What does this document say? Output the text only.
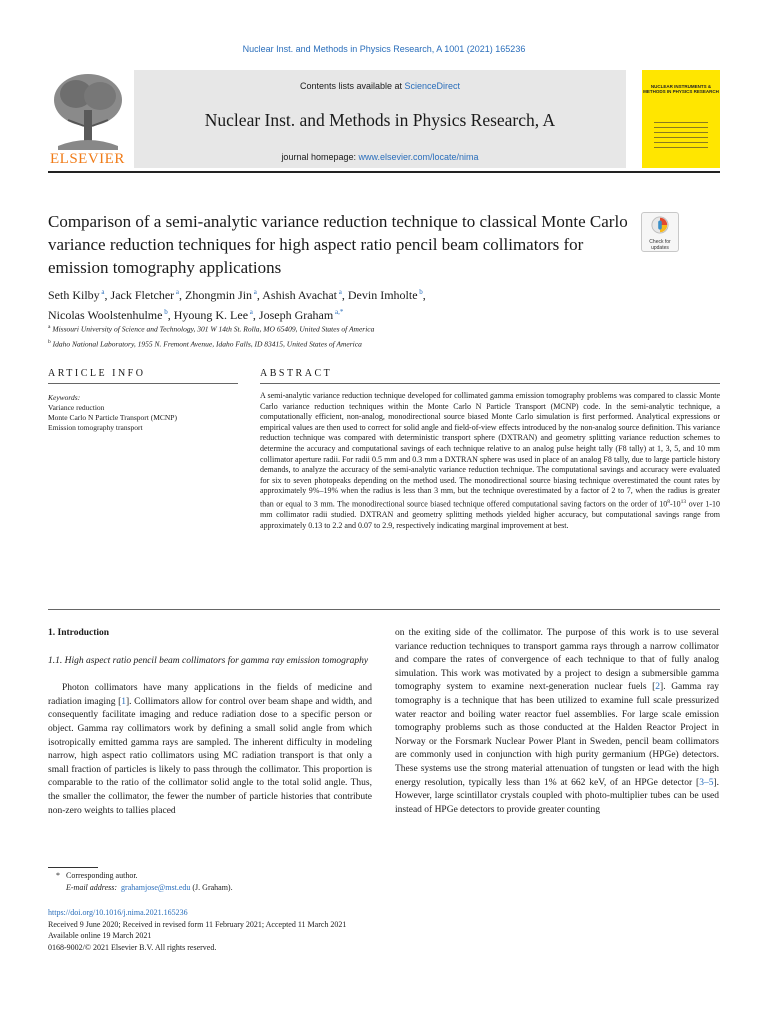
Nuclear Inst. and Methods in Physics Research, A 1001 (2021) 165236
ELSEVIER
Contents lists available at ScienceDirect
Nuclear Inst. and Methods in Physics Research, A
journal homepage: www.elsevier.com/locate/nima
NUCLEAR INSTRUMENTS & METHODS IN PHYSICS RESEARCH
Comparison of a semi-analytic variance reduction technique to classical Monte Carlo variance reduction techniques for high aspect ratio pencil beam collimators for emission tomography applications
Check for updates
Seth Kilby $^a$, Jack Fletcher $^a$, Zhongmin Jin $^a$, Ashish Avachat $^a$, Devin Imholte $^b$,
Nicolas Woolstenhulme $^b$, Hyoung K. Lee $^a$, Joseph Graham $^{a,*}$
$^a$ Missouri University of Science and Technology, 301 W 14th St. Rolla, MO 65409, United States of America
$^b$ Idaho National Laboratory, 1955 N. Fremont Avenue, Idaho Falls, ID 83415, United States of America
ARTICLE INFO	ABSTRACT
Keywords:
Variance reduction
Monte Carlo N Particle Transport (MCNP)
Emission tomography transport
A semi-analytic variance reduction technique developed for collimated gamma emission tomography problems was compared to classic Monte Carlo variance reduction techniques within the Monte Carlo N Particle Transport (MCNP) code. In the semi-analytic technique, a computationally efficient, non-analog, monodirectional source biased Monte Carlo simulation is first performed. Analytical expressions or empirical values are then used to correct for solid angle and field-of-view effects introduced by the non-analog source definition. This variance reduction technique was compared with deterministic transport sphere (DXTRAN) and geometry splitting variance reduction schemes to determine the accuracy and computational savings of each technique relative to an analog pulse height tally (F8 tally) at 1, 3, 5, and 10 mm collimator aperture radii. For radii 0.5 mm and 0.3 mm a DXTRAN sphere was used in place of an analog F8 tally, due to large particle history demands, to analyze the accuracy of the semi-analytic variance reduction technique. The computational savings and accuracy were evaluated for six to seven photopeaks depending on the method used. The monodirectional source biasing technique overestimated the count rates by approximately 9%–19% when the radius is less than 3 mm, but the technique overestimated by a factor of 2 to 7, when the radius is greater than or equal to 3 mm. The monodirectional source biased technique offered computational saving factors on the order of $10^8-10^{13}$ over 1-10 mm collimator radii studied. DXTRAN and geometry splitting methods yielded higher accuracy, but computational savings range from approximately 0.13 to 2.2 and 0.07 to 2.9, respectively indicating marginal improvement at best.
1. Introduction
1.1. High aspect ratio pencil beam collimators for gamma ray emission tomography

Photon collimators have many applications in the fields of medicine and radiation imaging [1]. Collimators allow for control over beam shape and width, and consequently facilitate imaging and reduce radiation dose to a specific person or object. Gamma ray collimators work by defining a small solid angle from which isotropically emitted gamma rays are sampled. The inherent difficulty in modeling narrow, high aspect ratio collimators using MC radiation transport is that only a small fraction of particles is likely to pass through the collimator. This proportion is comparable to the ratio of the collimator solid angle to the total solid angle. Thus, the smaller the collimator, the fewer the number of particle histories that contribute non-zero weights to tallies placed

on the exiting side of the collimator. The purpose of this work is to use several variance reduction techniques to transport gamma rays through a narrow collimator and compare the rates of convergence of each technique to that of fully analog simulation. This work was motivated by a project to design a submersible gamma tomography system to examine next-generation nuclear fuels [2]. Gamma ray tomography is a technique that has been utilized to examine full scale pressurized water reactor and boiling water reactor fuel assemblies. For large scale emission tomography problems such as those conducted at the Halden Reactor Project in Norway or the Forsmark Nuclear Power Plant in Sweden, pencil beam collimators are commonly used in conjunction with high purity germanium (HPGe) detectors. These systems use the strong material attenuation of tungsten or lead with the high energy resolution, typically less than 1% at 662 keV, of an HPGe detector [3–5]. However, large scintillator crystals coupled with photo-multiplier tubes can be used instead of HPGe detectors to provide greater counting

* Corresponding author.
E-mail address: grahamjose@mst.edu (J. Graham).
https://doi.org/10.1016/j.nima.2021.165236
Received 9 June 2020; Received in revised form 11 February 2021; Accepted 11 March 2021
Available online 19 March 2021
0168-9002/© 2021 Elsevier B.V. All rights reserved.
